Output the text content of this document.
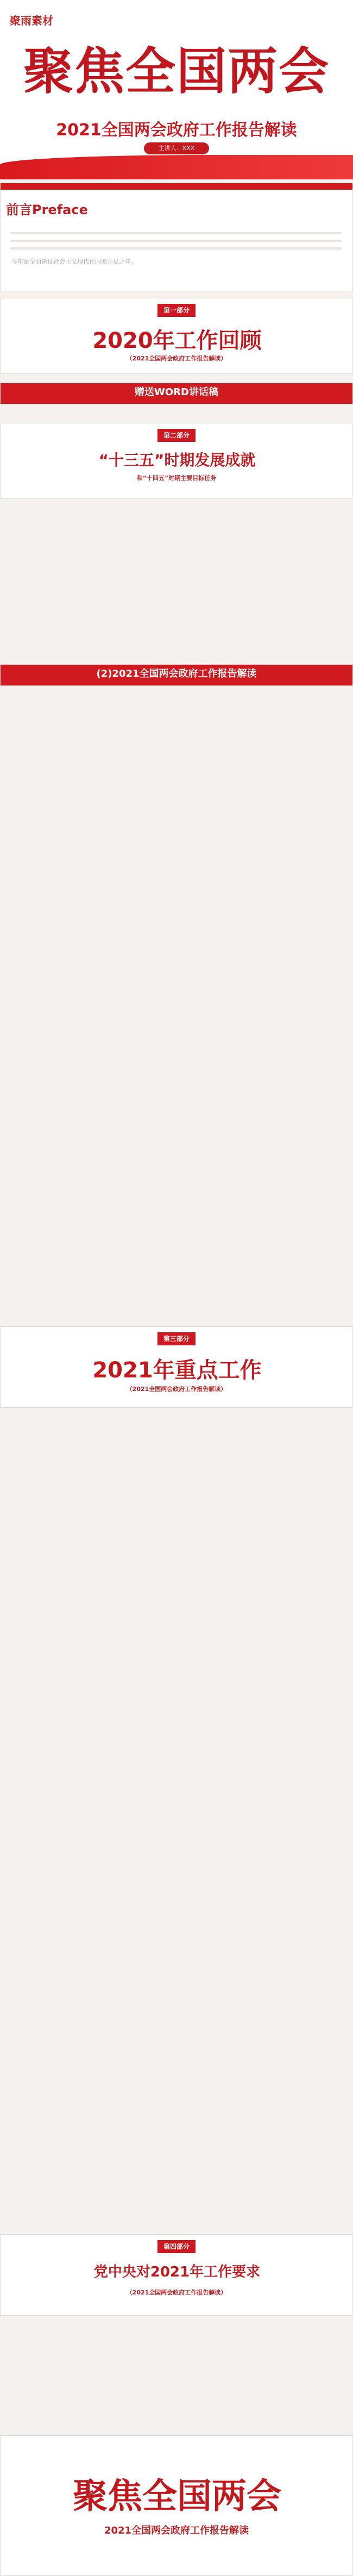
聚雨素材
聚焦全国两会
2021全国两会政府工作报告解读
主讲人：XXX
前言Preface
今年是全面建设社会主义现代化国家开局之年。
第一部分
2020年工作回顾
（2021全国两会政府工作报告解读）
赠送WORD讲话稿
第二部分
“十三五”时期发展成就
和“十四五”时期主要目标任务
(2)2021全国两会政府工作报告解读
第三部分
2021年重点工作
（2021全国两会政府工作报告解读）
第四部分
党中央对2021年工作要求
（2021全国两会政府工作报告解读）
聚焦全国两会
2021全国两会政府工作报告解读
